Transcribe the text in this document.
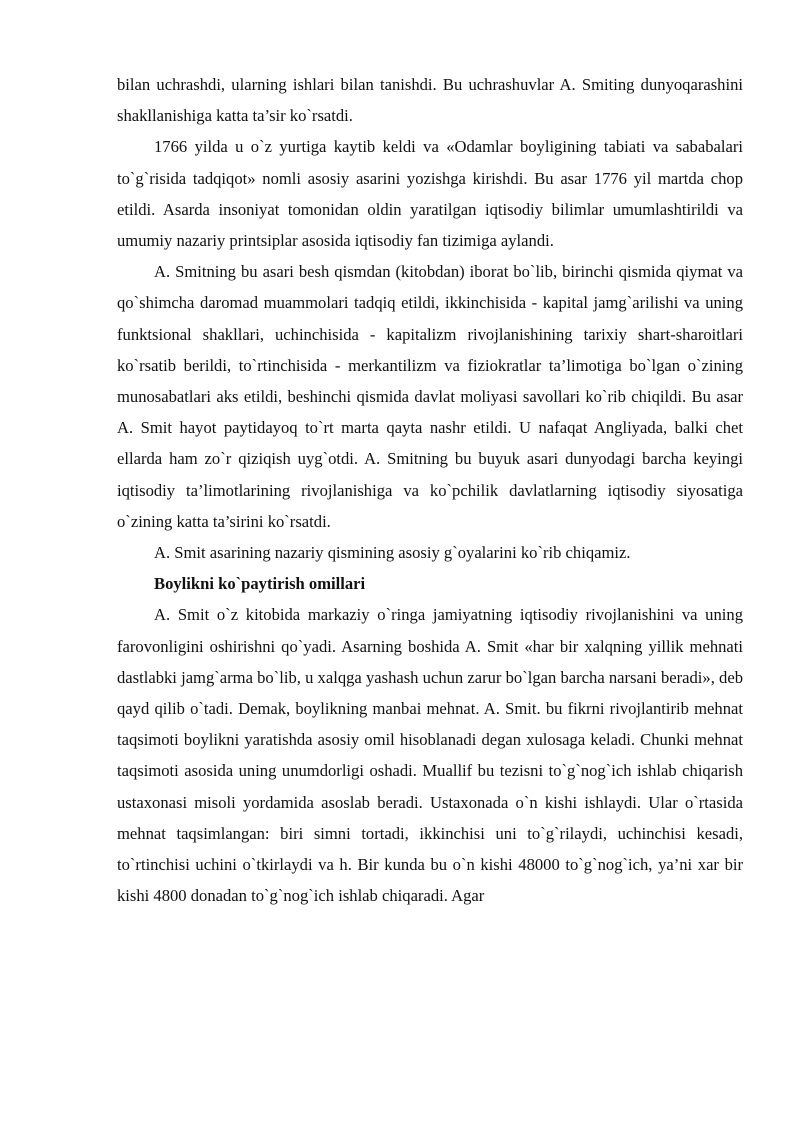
bilan uchrashdi, ularning ishlari bilan tanishdi. Bu uchrashuvlar A. Smiting dunyoqarashini shakllanishiga katta ta’sir ko`rsatdi.

1766 yilda u o`z yurtiga kaytib keldi va «Odamlar boyligining tabiati va sababalari to`g`risida tadqiqot» nomli asosiy asarini yozishga kirishdi. Bu asar 1776 yil martda chop etildi. Asarda insoniyat tomonidan oldin yaratilgan iqtisodiy bilimlar umumlashtirildi va umumiy nazariy printsiplar asosida iqtisodiy fan tizimiga aylandi.

A. Smitning bu asari besh qismdan (kitobdan) iborat bo`lib, birinchi qismida qiymat va qo`shimcha daromad muammolari tadqiq etildi, ikkinchisida - kapital jamg`arilishi va uning funktsional shakllari, uchinchisida - kapitalizm rivojlanishining tarixiy shart-sharoitlari ko`rsatib berildi, to`rtinchisida - merkantilizm va fiziokratlar ta’limotiga bo`lgan o`zining munosabatlari aks etildi, beshinchi qismida davlat moliyasi savollari ko`rib chiqildi. Bu asar A. Smit hayot paytidayoq to`rt marta qayta nashr etildi. U nafaqat Angliyada, balki chet ellarda ham zo`r qiziqish uyg`otdi. A. Smitning bu buyuk asari dunyodagi barcha keyingi iqtisodiy ta’limotlarining rivojlanishiga va ko`pchilik davlatlarning iqtisodiy siyosatiga o`zining katta ta’sirini ko`rsatdi.

A. Smit asarining nazariy qismining asosiy g`oyalarini ko`rib chiqamiz.

Boylikni ko`paytirish omillari

A. Smit o`z kitobida markaziy o`ringa jamiyatning iqtisodiy rivojlanishini va uning farovonligini oshirishni qo`yadi. Asarning boshida A. Smit «har bir xalqning yillik mehnati dastlabki jamg`arma bo`lib, u xalqga yashash uchun zarur bo`lgan barcha narsani beradi», deb qayd qilib o`tadi. Demak, boylikning manbai mehnat. A. Smit. bu fikrni rivojlantirib mehnat taqsimoti boylikni yaratishda asosiy omil hisoblanadi degan xulosaga keladi. Chunki mehnat taqsimoti asosida uning unumdorligi oshadi. Muallif bu tezisni to`g`nog`ich ishlab chiqarish ustaxonasi misoli yordamida asoslab beradi. Ustaxonada o`n kishi ishlaydi. Ular o`rtasida mehnat taqsimlangan: biri simni tortadi, ikkinchisi uni to`g`rilaydi, uchinchisi kesadi, to`rtinchisi uchini o`tkirlaydi va h. Bir kunda bu o`n kishi 48000 to`g`nog`ich, ya’ni xar bir kishi 4800 donadan to`g`nog`ich ishlab chiqaradi. Agar
